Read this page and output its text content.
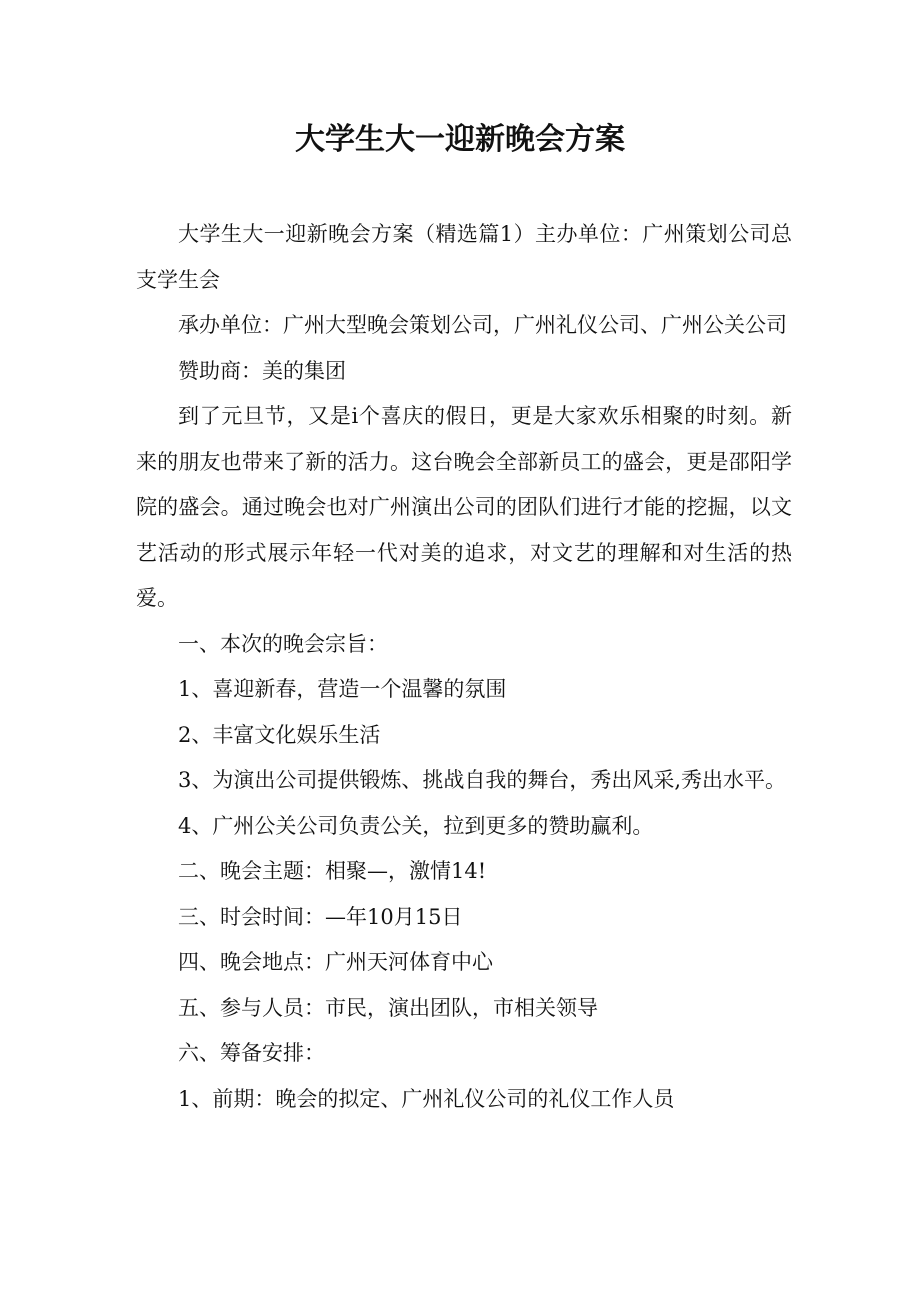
大学生大一迎新晚会方案

大学生大一迎新晚会方案（精选篇1）主办单位：广州策划公司总支学生会

承办单位：广州大型晚会策划公司，广州礼仪公司、广州公关公司

赞助商：美的集团

到了元旦节，又是i个喜庆的假日，更是大家欢乐相聚的时刻。新来的朋友也带来了新的活力。这台晚会全部新员工的盛会，更是邵阳学院的盛会。通过晚会也对广州演出公司的团队们进行才能的挖掘，以文艺活动的形式展示年轻一代对美的追求，对文艺的理解和对生活的热爱。

一、本次的晚会宗旨：

1、喜迎新春，营造一个温馨的氛围

2、丰富文化娱乐生活

3、为演出公司提供锻炼、挑战自我的舞台，秀出风采,秀出水平。

4、广州公关公司负责公关，拉到更多的赞助赢利。

二、晚会主题：相聚—，激情14!

三、时会时间：—年10月15日

四、晚会地点：广州天河体育中心

五、参与人员：市民，演出团队，市相关领导

六、筹备安排：

1、前期：晚会的拟定、广州礼仪公司的礼仪工作人员
